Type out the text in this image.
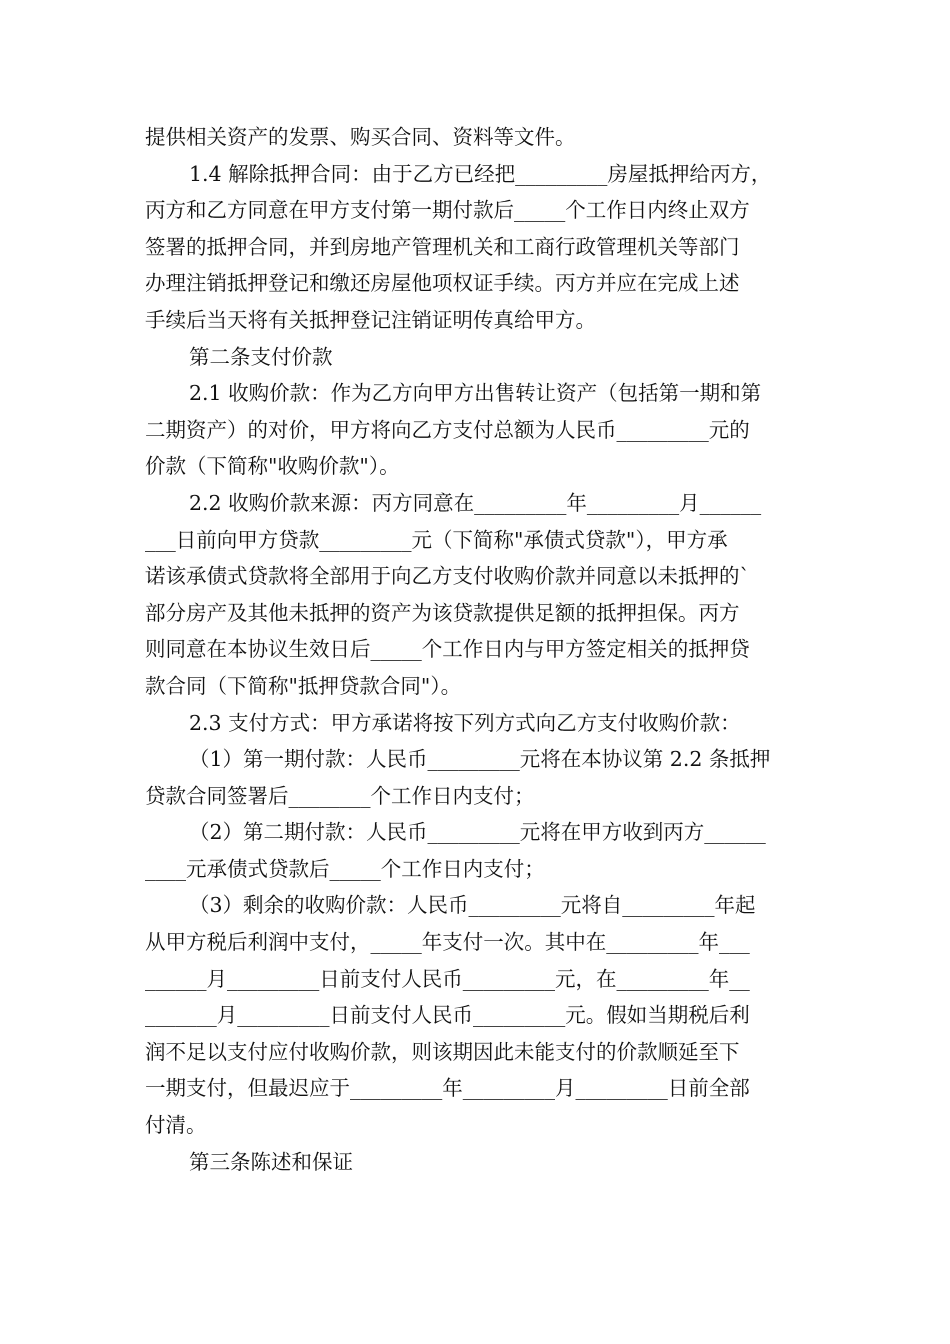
提供相关资产的发票、购买合同、资料等文件。
1.4 解除抵押合同：由于乙方已经把_________房屋抵押给丙方，
丙方和乙方同意在甲方支付第一期付款后_____个工作日内终止双方
签署的抵押合同，并到房地产管理机关和工商行政管理机关等部门
办理注销抵押登记和缴还房屋他项权证手续。丙方并应在完成上述
手续后当天将有关抵押登记注销证明传真给甲方。
第二条支付价款
2.1 收购价款：作为乙方向甲方出售转让资产（包括第一期和第
二期资产）的对价，甲方将向乙方支付总额为人民币_________元的
价款（下简称"收购价款"）。
2.2 收购价款来源：丙方同意在_________年_________月______
___日前向甲方贷款_________元（下简称"承债式贷款"），甲方承
诺该承债式贷款将全部用于向乙方支付收购价款并同意以未抵押的`
部分房产及其他未抵押的资产为该贷款提供足额的抵押担保。丙方
则同意在本协议生效日后_____个工作日内与甲方签定相关的抵押贷
款合同（下简称"抵押贷款合同"）。
2.3 支付方式：甲方承诺将按下列方式向乙方支付收购价款：
（1）第一期付款：人民币_________元将在本协议第 2.2 条抵押
贷款合同签署后________个工作日内支付；
（2）第二期付款：人民币_________元将在甲方收到丙方______
____元承债式贷款后_____个工作日内支付；
（3）剩余的收购价款：人民币_________元将自_________年起
从甲方税后利润中支付，_____年支付一次。其中在_________年___
______月_________日前支付人民币_________元，在_________年__
_______月_________日前支付人民币_________元。假如当期税后利
润不足以支付应付收购价款，则该期因此未能支付的价款顺延至下
一期支付，但最迟应于_________年_________月_________日前全部
付清。
第三条陈述和保证
